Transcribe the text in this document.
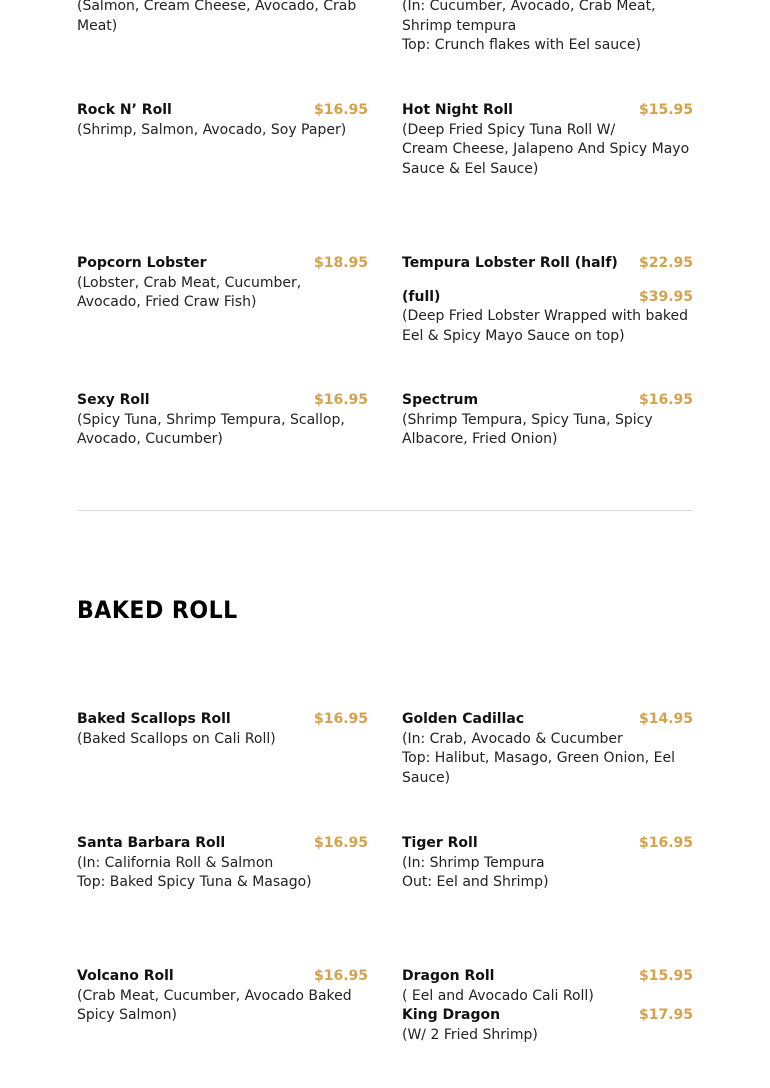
(Salmon, Cream Cheese, Avocado, Crab Meat)

(In: Cucumber, Avocado, Crab Meat, Shrimp tempura

Top: Crunch flakes with Eel sauce)

Rock N’ Roll	$16.95

(Shrimp, Salmon, Avocado, Soy Paper)

Hot Night Roll	$15.95

(Deep Fried Spicy Tuna Roll W/

Cream Cheese, Jalapeno And Spicy Mayo Sauce & Eel Sauce)

Popcorn Lobster	$18.95

(Lobster, Crab Meat, Cucumber, Avocado, Fried Craw Fish)

Tempura Lobster Roll (half) $22.95
(full)	$39.95

(Deep Fried Lobster Wrapped with baked Eel & Spicy Mayo Sauce on top)

Sexy Roll	$16.95

(Spicy Tuna, Shrimp Tempura, Scallop, Avocado, Cucumber)

Spectrum	$16.95

(Shrimp Tempura, Spicy Tuna, Spicy Albacore, Fried Onion)

BAKED ROLL
Baked Scallops Roll	$16.95

(Baked Scallops on Cali Roll)

Golden Cadillac	$14.95

(In: Crab, Avocado & Cucumber

Top: Halibut, Masago, Green Onion, Eel Sauce)

Santa Barbara Roll	$16.95

(In: California Roll & Salmon

Top: Baked Spicy Tuna & Masago)

Tiger Roll	$16.95

(In: Shrimp Tempura

Out: Eel and Shrimp)

Volcano Roll	$16.95

(Crab Meat, Cucumber, Avocado Baked Spicy Salmon)

Dragon Roll	$15.95

( Eel and Avocado Cali Roll)

King Dragon	$17.95

(W/ 2 Fried Shrimp)
